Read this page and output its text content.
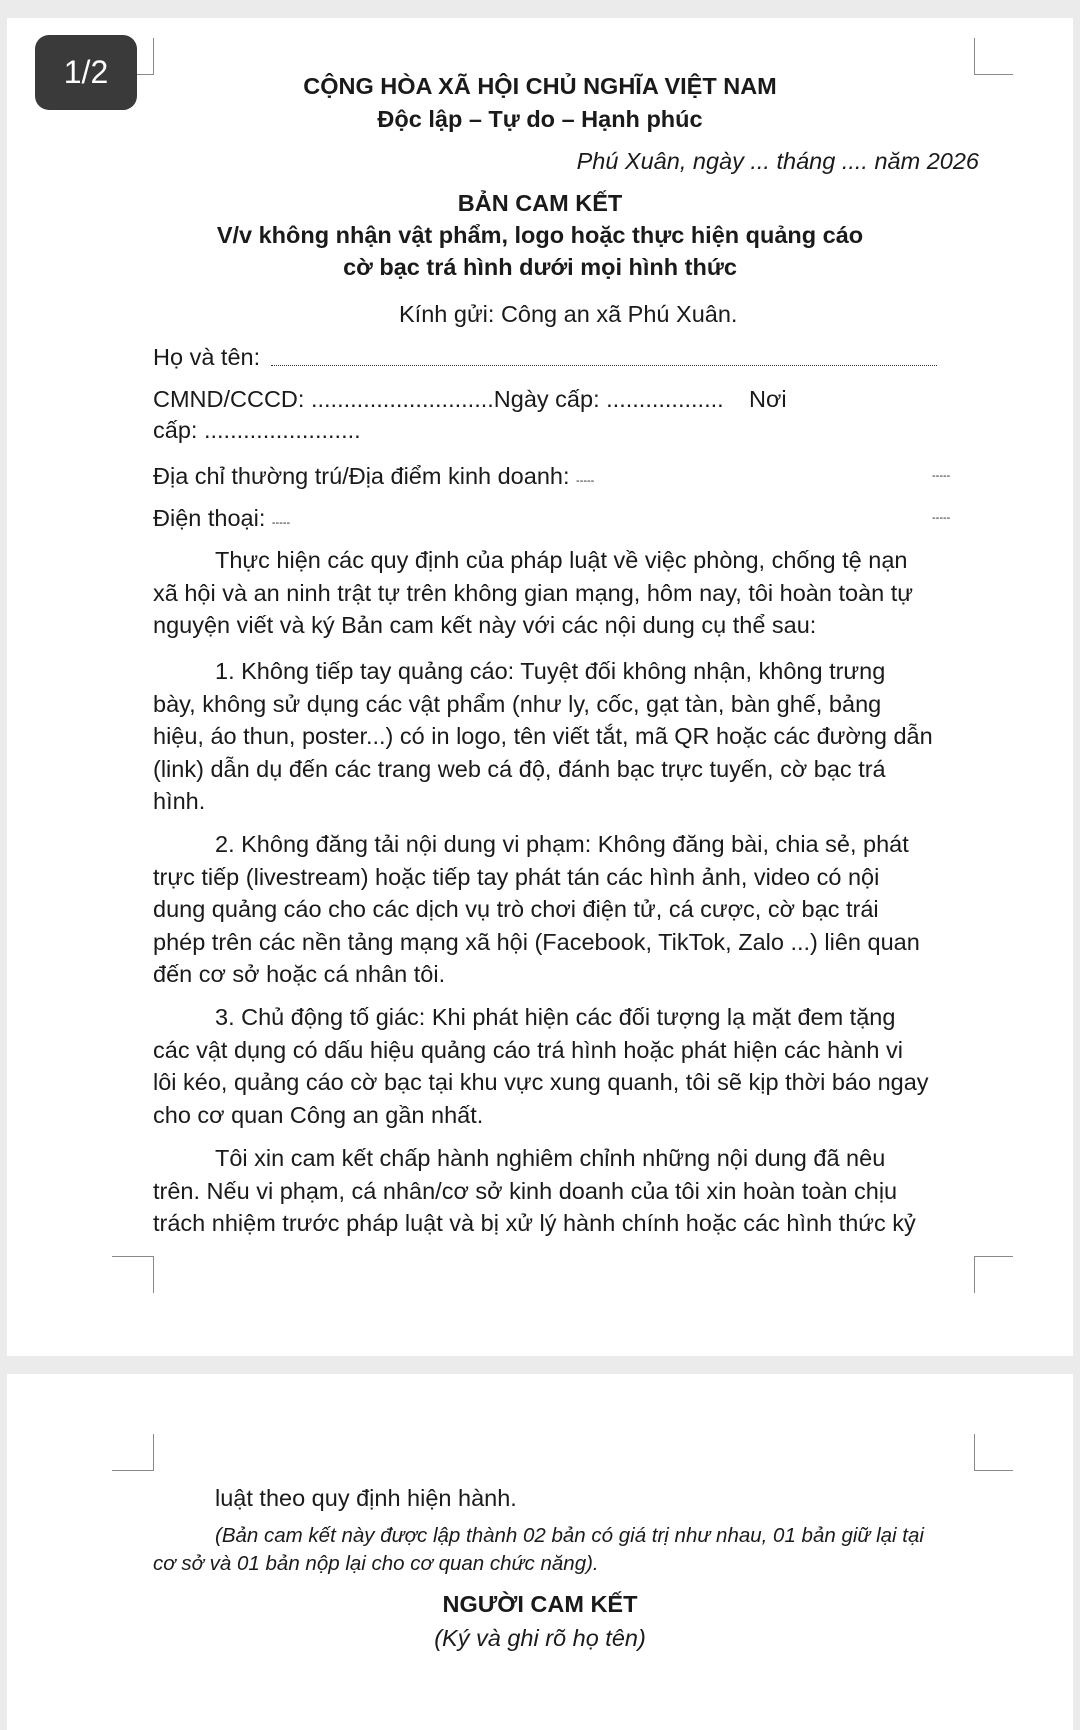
1/2	CỘNG HÒA XÃ HỘI CHỦ NGHĨA VIỆT NAM
Độc lập – Tự do – Hạnh phúc
Phú Xuân, ngày ... tháng .... năm 2026
BẢN CAM KẾT
V/v không nhận vật phẩm, logo hoặc thực hiện quảng cáo
cờ bạc trá hình dưới mọi hình thức
Kính gửi: Công an xã Phú Xuân.
Họ và tên:
CMND/CCCD: ............................Ngày cấp: .................. Nơi
cấp: ........................
Địa chỉ thường trú/Địa điểm kinh doanh: -----	-----
Điện thoại: -----	-----
Thực hiện các quy định của pháp luật về việc phòng, chống tệ nạn
xã hội và an ninh trật tự trên không gian mạng, hôm nay, tôi hoàn toàn tự
nguyện viết và ký Bản cam kết này với các nội dung cụ thể sau:
1. Không tiếp tay quảng cáo: Tuyệt đối không nhận, không trưng
bày, không sử dụng các vật phẩm (như ly, cốc, gạt tàn, bàn ghế, bảng
hiệu, áo thun, poster...) có in logo, tên viết tắt, mã QR hoặc các đường dẫn
(link) dẫn dụ đến các trang web cá độ, đánh bạc trực tuyến, cờ bạc trá
hình.
2. Không đăng tải nội dung vi phạm: Không đăng bài, chia sẻ, phát
trực tiếp (livestream) hoặc tiếp tay phát tán các hình ảnh, video có nội
dung quảng cáo cho các dịch vụ trò chơi điện tử, cá cược, cờ bạc trái
phép trên các nền tảng mạng xã hội (Facebook, TikTok, Zalo ...) liên quan
đến cơ sở hoặc cá nhân tôi.
3. Chủ động tố giác: Khi phát hiện các đối tượng lạ mặt đem tặng
các vật dụng có dấu hiệu quảng cáo trá hình hoặc phát hiện các hành vi
lôi kéo, quảng cáo cờ bạc tại khu vực xung quanh, tôi sẽ kịp thời báo ngay
cho cơ quan Công an gần nhất.
Tôi xin cam kết chấp hành nghiêm chỉnh những nội dung đã nêu
trên. Nếu vi phạm, cá nhân/cơ sở kinh doanh của tôi xin hoàn toàn chịu
trách nhiệm trước pháp luật và bị xử lý hành chính hoặc các hình thức kỷ
luật theo quy định hiện hành.
(Bản cam kết này được lập thành 02 bản có giá trị như nhau, 01 bản giữ lại tại
cơ sở và 01 bản nộp lại cho cơ quan chức năng).
NGƯỜI CAM KẾT
(Ký và ghi rõ họ tên)
